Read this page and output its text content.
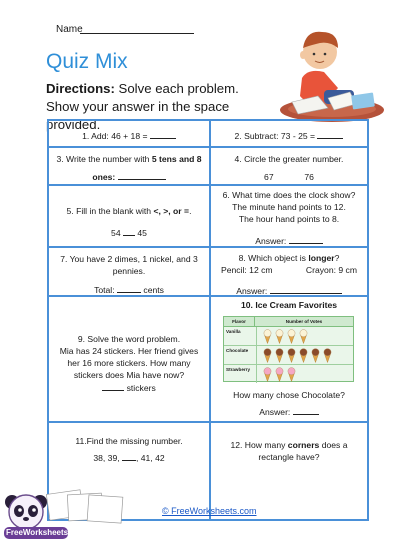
Name
Quiz Mix
Directions: Solve each problem. Show your answer in the space provided.
1. Add: 46 + 18 =	2. Subtract: 73 - 25 =
3. Write the number with 5 tens and 8
ones:
4. Circle the greater number.
67	76
5. Fill in the blank with <, >, or =.
54 45
6. What time does the clock show?
The minute hand points to 12.
The hour hand points to 8.
Answer:
7. You have 2 dimes, 1 nickel, and 3
pennies.
Total:	cents
8. Which object is longer?
Pencil: 12 cm	Crayon: 9 cm
Answer:
9. Solve the word problem.
Mia has 24 stickers. Her friend gives
her 16 more stickers. How many
stickers does Mia have now?
stickers
10. Ice Cream Favorites
Flavor	Number of Votes
Vanilla
Chocolate
Strawberry
How many chose Chocolate?
Answer:
11.Find the missing number.
38, 39, , 41, 42
12. How many corners does a
rectangle have?
FreeWorksheets.com
© FreeWorksheets.com
